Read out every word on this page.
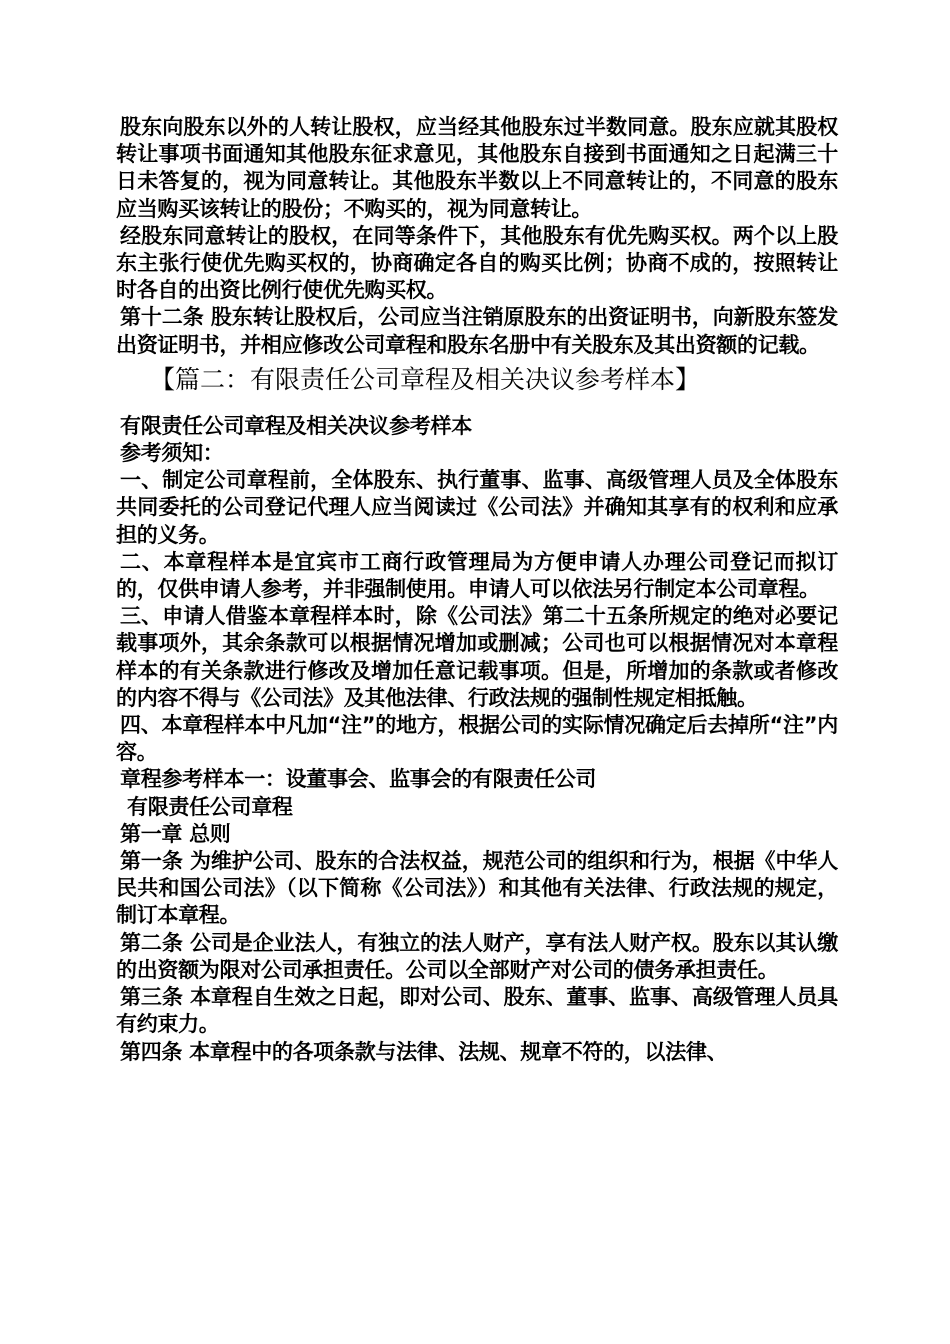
股东向股东以外的人转让股权，应当经其他股东过半数同意。股东应就其股权转让事项书面通知其他股东征求意见，其他股东自接到书面通知之日起满三十日未答复的，视为同意转让。其他股东半数以上不同意转让的，不同意的股东应当购买该转让的股份；不购买的，视为同意转让。

经股东同意转让的股权，在同等条件下，其他股东有优先购买权。两个以上股东主张行使优先购买权的，协商确定各自的购买比例；协商不成的，按照转让时各自的出资比例行使优先购买权。

第十二条 股东转让股权后，公司应当注销原股东的出资证明书，向新股东签发出资证明书，并相应修改公司章程和股东名册中有关股东及其出资额的记载。

【篇二：有限责任公司章程及相关决议参考样本】

有限责任公司章程及相关决议参考样本

参考须知：

一、制定公司章程前，全体股东、执行董事、监事、高级管理人员及全体股东共同委托的公司登记代理人应当阅读过《公司法》并确知其享有的权利和应承担的义务。

二、本章程样本是宜宾市工商行政管理局为方便申请人办理公司登记而拟订的，仅供申请人参考，并非强制使用。申请人可以依法另行制定本公司章程。

三、申请人借鉴本章程样本时，除《公司法》第二十五条所规定的绝对必要记载事项外，其余条款可以根据情况增加或删减；公司也可以根据情况对本章程样本的有关条款进行修改及增加任意记载事项。但是，所增加的条款或者修改的内容不得与《公司法》及其他法律、行政法规的强制性规定相抵触。

四、本章程样本中凡加“注”的地方，根据公司的实际情况确定后去掉所“注”内容。

章程参考样本一：设董事会、监事会的有限责任公司

有限责任公司章程

第一章 总则

第一条 为维护公司、股东的合法权益，规范公司的组织和行为，根据《中华人民共和国公司法》（以下简称《公司法》）和其他有关法律、行政法规的规定，制订本章程。

第二条 公司是企业法人，有独立的法人财产，享有法人财产权。股东以其认缴的出资额为限对公司承担责任。公司以全部财产对公司的债务承担责任。

第三条 本章程自生效之日起，即对公司、股东、董事、监事、高级管理人员具有约束力。

第四条 本章程中的各项条款与法律、法规、规章不符的，以法律、
